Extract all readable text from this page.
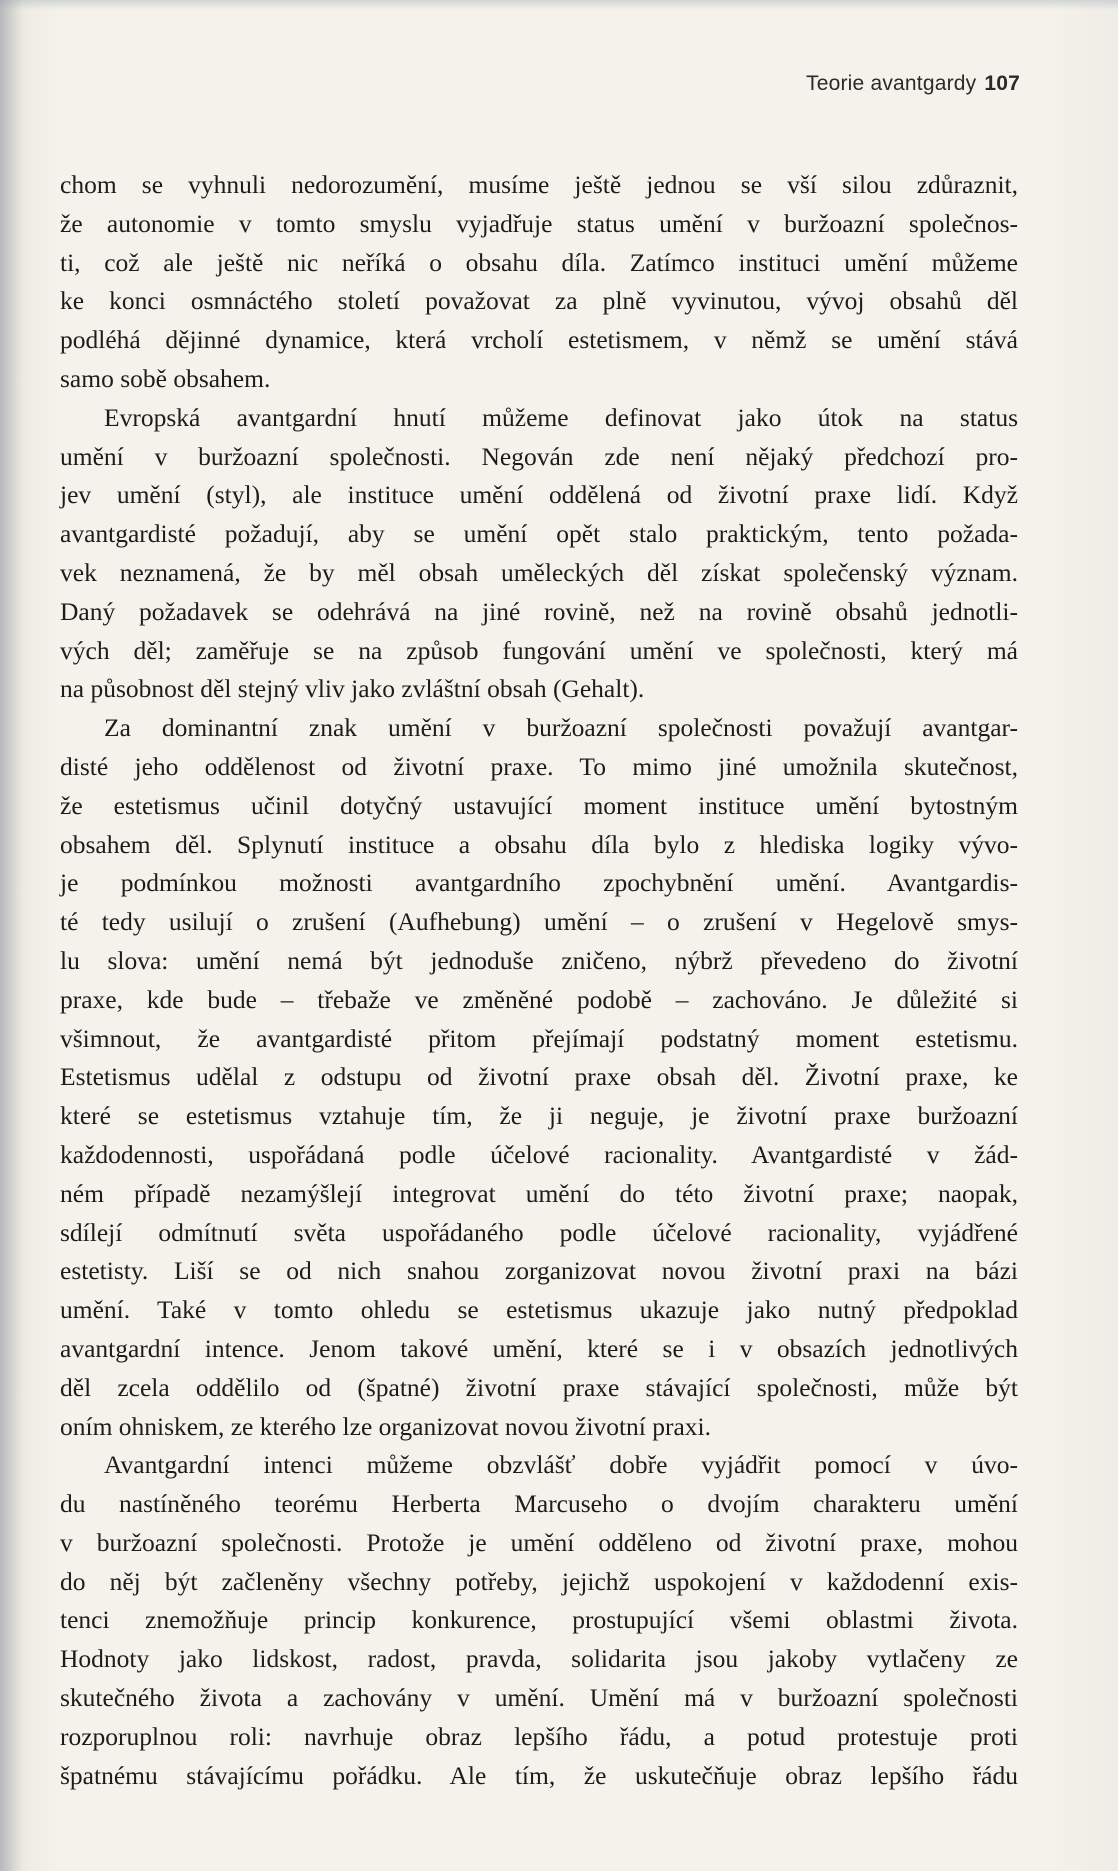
Teorie avantgardy 107
chom se vyhnuli nedorozumění, musíme ještě jednou se vší silou zdůraznit,
že autonomie v tomto smyslu vyjadřuje status umění v buržoazní společnos-
ti, což ale ještě nic neříká o obsahu díla. Zatímco instituci umění můžeme
ke konci osmnáctého století považovat za plně vyvinutou, vývoj obsahů děl
podléhá dějinné dynamice, která vrcholí estetismem, v němž se umění stává
samo sobě obsahem.
Evropská avantgardní hnutí můžeme definovat jako útok na status
umění v buržoazní společnosti. Negován zde není nějaký předchozí pro-
jev umění (styl), ale instituce umění oddělená od životní praxe lidí. Když
avantgardisté požadují, aby se umění opět stalo praktickým, tento požada-
vek neznamená, že by měl obsah uměleckých děl získat společenský význam.
Daný požadavek se odehrává na jiné rovině, než na rovině obsahů jednotli-
vých děl; zaměřuje se na způsob fungování umění ve společnosti, který má
na působnost děl stejný vliv jako zvláštní obsah (Gehalt).
Za dominantní znak umění v buržoazní společnosti považují avantgar-
disté jeho oddělenost od životní praxe. To mimo jiné umožnila skutečnost,
že estetismus učinil dotyčný ustavující moment instituce umění bytostným
obsahem děl. Splynutí instituce a obsahu díla bylo z hlediska logiky vývo-
je podmínkou možnosti avantgardního zpochybnění umění. Avantgardis-
té tedy usilují o zrušení (Aufhebung) umění – o zrušení v Hegelově smys-
lu slova: umění nemá být jednoduše zničeno, nýbrž převedeno do životní
praxe, kde bude – třebaže ve změněné podobě – zachováno. Je důležité si
všimnout, že avantgardisté přitom přejímají podstatný moment estetismu.
Estetismus udělal z odstupu od životní praxe obsah děl. Životní praxe, ke
které se estetismus vztahuje tím, že ji neguje, je životní praxe buržoazní
každodennosti, uspořádaná podle účelové racionality. Avantgardisté v žád-
ném případě nezamýšlejí integrovat umění do této životní praxe; naopak,
sdílejí odmítnutí světa uspořádaného podle účelové racionality, vyjádřené
estetisty. Liší se od nich snahou zorganizovat novou životní praxi na bázi
umění. Také v tomto ohledu se estetismus ukazuje jako nutný předpoklad
avantgardní intence. Jenom takové umění, které se i v obsazích jednotlivých
děl zcela oddělilo od (špatné) životní praxe stávající společnosti, může být
oním ohniskem, ze kterého lze organizovat novou životní praxi.
Avantgardní intenci můžeme obzvlášť dobře vyjádřit pomocí v úvo-
du nastíněného teorému Herberta Marcuseho o dvojím charakteru umění
v buržoazní společnosti. Protože je umění odděleno od životní praxe, mohou
do něj být začleněny všechny potřeby, jejichž uspokojení v každodenní exis-
tenci znemožňuje princip konkurence, prostupující všemi oblastmi života.
Hodnoty jako lidskost, radost, pravda, solidarita jsou jakoby vytlačeny ze
skutečného života a zachovány v umění. Umění má v buržoazní společnosti
rozporuplnou roli: navrhuje obraz lepšího řádu, a potud protestuje proti
špatnému stávajícímu pořádku. Ale tím, že uskutečňuje obraz lepšího řádu
